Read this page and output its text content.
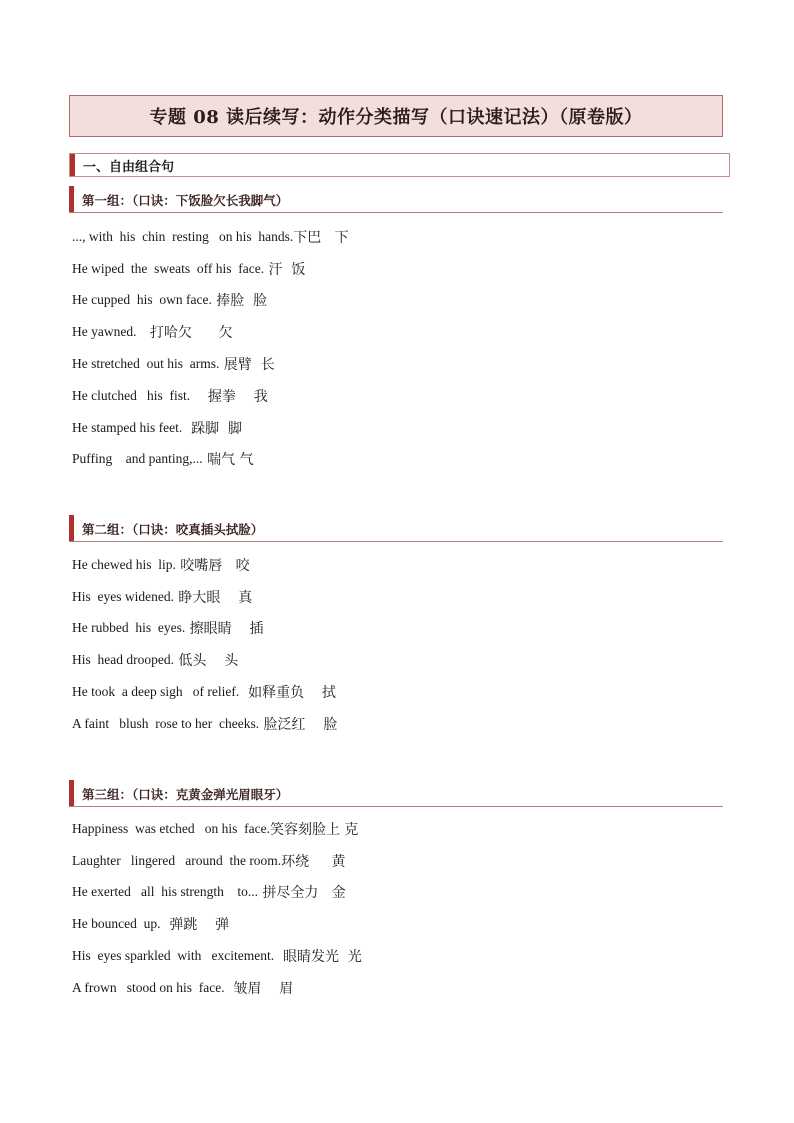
专题 08 读后续写：动作分类描写（口诀速记法）（原卷版）
一、自由组合句
第一组：（口诀：下饭脸欠长我脚气）
..., with  his  chin  resting   on his  hands. 下巴   下
He wiped  the  sweats  off his  face. 汗  饭
He cupped  his  own face. 捧脸  脸
He yawned. 打哈欠      欠
He stretched  out his  arms. 展臂  长
He clutched   his  fist. 握拳    我
He stamped his feet. 跺脚  脚
Puffing    and panting,... 喘气 气
第二组：（口诀：咬真插头拭脸）
He chewed his  lip. 咬嘴唇   咬
His  eyes widened. 睁大眼    真
He rubbed  his  eyes. 擦眼睛    插
His  head drooped. 低头    头
He took  a deep sigh   of relief. 如释重负    拭
A faint   blush  rose to her  cheeks. 脸泛红    脸
第三组：（口诀：克黄金弹光眉眼牙）
Happiness  was etched   on his  face. 笑容刻脸上 克
Laughter   lingered   around  the room. 环绕     黄
He exerted   all  his strength    to... 拼尽全力   金
He bounced  up. 弹跳    弹
His  eyes sparkled  with   excitement. 眼睛发光  光
A frown   stood on his  face. 皱眉    眉
